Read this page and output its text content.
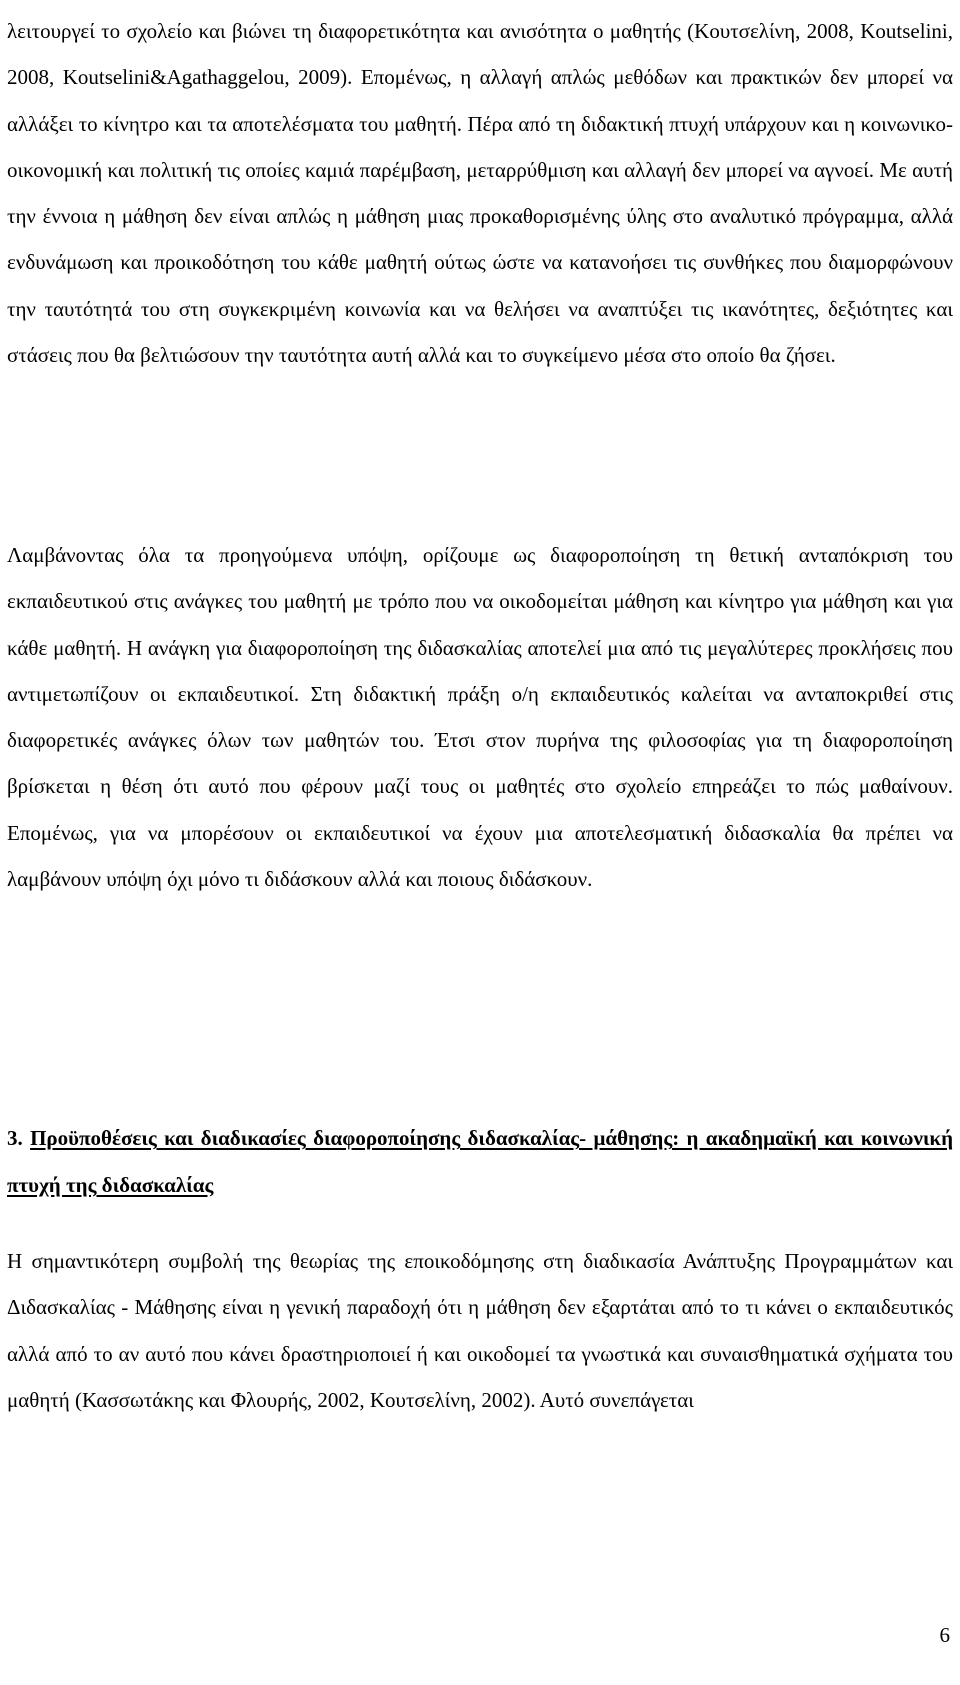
λειτουργεί το σχολείο και βιώνει τη διαφορετικότητα και ανισότητα ο μαθητής (Κουτσελίνη, 2008, Koutselini, 2008, Koutselini&Agathaggelou, 2009). Επομένως, η αλλαγή απλώς μεθόδων και πρακτικών δεν μπορεί να αλλάξει το κίνητρο και τα αποτελέσματα του μαθητή. Πέρα από τη διδακτική πτυχή υπάρχουν και η κοινωνικο-οικονομική και πολιτική τις οποίες καμιά παρέμβαση, μεταρρύθμιση και αλλαγή δεν μπορεί να αγνοεί. Με αυτή την έννοια η μάθηση δεν είναι απλώς η μάθηση μιας προκαθορισμένης ύλης στο αναλυτικό πρόγραμμα, αλλά ενδυνάμωση και προικοδότηση του κάθε μαθητή ούτως ώστε να κατανοήσει τις συνθήκες που διαμορφώνουν την ταυτότητά του στη συγκεκριμένη κοινωνία και να θελήσει να αναπτύξει τις ικανότητες, δεξιότητες και στάσεις που θα βελτιώσουν την ταυτότητα αυτή αλλά και το συγκείμενο μέσα στο οποίο θα ζήσει.

Λαμβάνοντας όλα τα προηγούμενα υπόψη, ορίζουμε ως διαφοροποίηση τη θετική ανταπόκριση του εκπαιδευτικού στις ανάγκες του μαθητή με τρόπο που να οικοδομείται μάθηση και κίνητρο για μάθηση και για κάθε μαθητή. Η ανάγκη για διαφοροποίηση της διδασκαλίας αποτελεί μια από τις μεγαλύτερες προκλήσεις που αντιμετωπίζουν οι εκπαιδευτικοί. Στη διδακτική πράξη ο/η εκπαιδευτικός καλείται να ανταποκριθεί στις διαφορετικές ανάγκες όλων των μαθητών του. Έτσι στον πυρήνα της φιλοσοφίας για τη διαφοροποίηση βρίσκεται η θέση ότι αυτό που φέρουν μαζί τους οι μαθητές στο σχολείο επηρεάζει το πώς μαθαίνουν. Επομένως, για να μπορέσουν οι εκπαιδευτικοί να έχουν μια αποτελεσματική διδασκαλία θα πρέπει να λαμβάνουν υπόψη όχι μόνο τι διδάσκουν αλλά και ποιους διδάσκουν.

3. Προϋποθέσεις και διαδικασίες διαφοροποίησης διδασκαλίας- μάθησης: η ακαδημαϊκή και κοινωνική πτυχή της διδασκαλίας

Η σημαντικότερη συμβολή της θεωρίας της εποικοδόμησης στη διαδικασία Ανάπτυξης Προγραμμάτων και Διδασκαλίας - Μάθησης είναι η γενική παραδοχή ότι η μάθηση δεν εξαρτάται από το τι κάνει ο εκπαιδευτικός αλλά από το αν αυτό που κάνει δραστηριοποιεί ή και οικοδομεί τα γνωστικά και συναισθηματικά σχήματα του μαθητή (Κασσωτάκης και Φλουρής, 2002, Κουτσελίνη, 2002). Αυτό συνεπάγεται

6
